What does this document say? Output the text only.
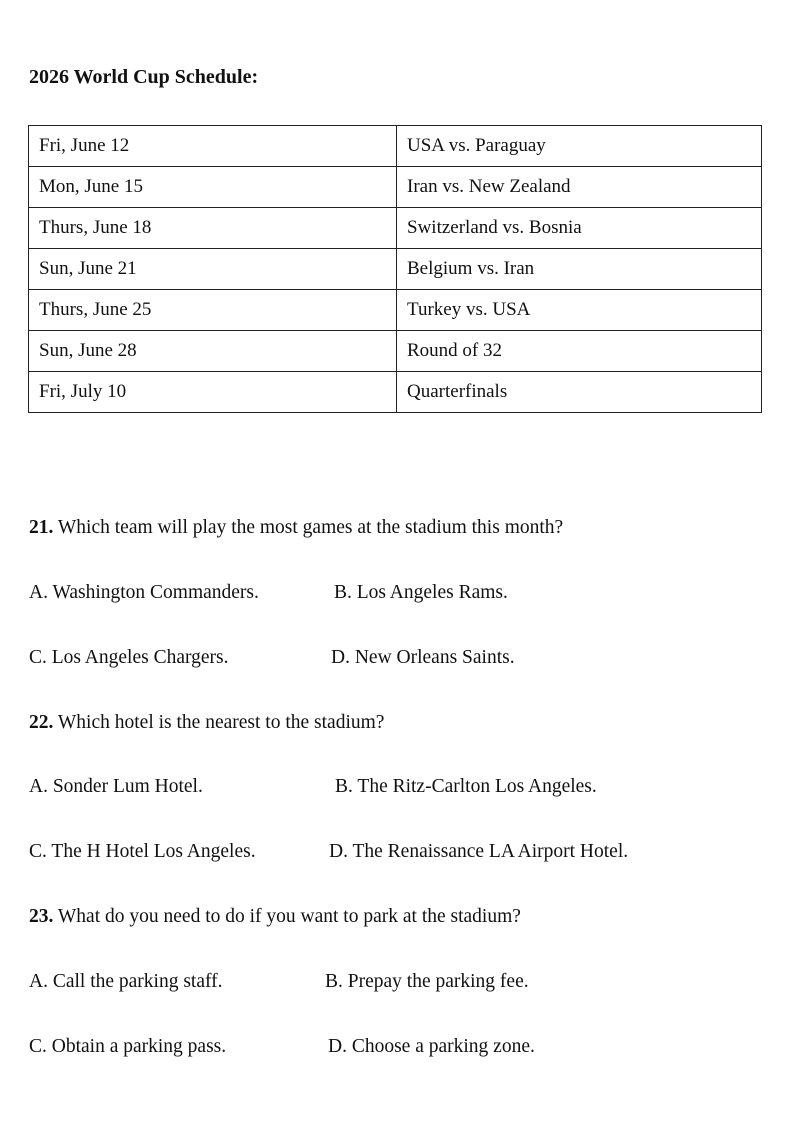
2026 World Cup Schedule:
Fri, June 12	USA vs. Paraguay
Mon, June 15	Iran vs. New Zealand
Thurs, June 18	Switzerland vs. Bosnia
Sun, June 21	Belgium vs. Iran
Thurs, June 25	Turkey vs. USA
Sun, June 28	Round of 32
Fri, July 10	Quarterfinals
21. Which team will play the most games at the stadium this month?
A. Washington Commanders.	B. Los Angeles Rams.
C. Los Angeles Chargers.	D. New Orleans Saints.
22. Which hotel is the nearest to the stadium?
A. Sonder Lum Hotel.	B. The Ritz-Carlton Los Angeles.
C. The H Hotel Los Angeles.	D. The Renaissance LA Airport Hotel.
23. What do you need to do if you want to park at the stadium?
A. Call the parking staff.	B. Prepay the parking fee.
C. Obtain a parking pass.	D. Choose a parking zone.
